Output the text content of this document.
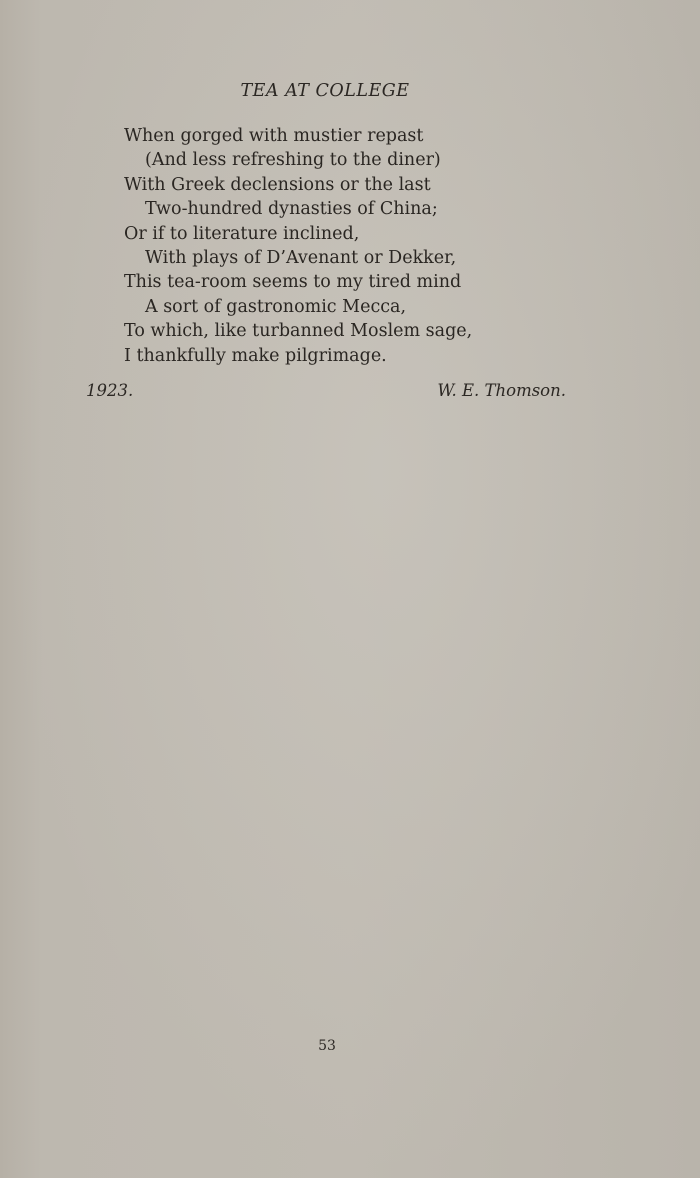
TEA AT COLLEGE
When gorged with mustier repast
(And less refreshing to the diner)
With Greek declensions or the last
Two-hundred dynasties of China;
Or if to literature inclined,
With plays of D’Avenant or Dekker,
This tea-room seems to my tired mind
A sort of gastronomic Mecca,
To which, like turbanned Moslem sage,
I thankfully make pilgrimage.
1923.	W. E. Thomson.
53
